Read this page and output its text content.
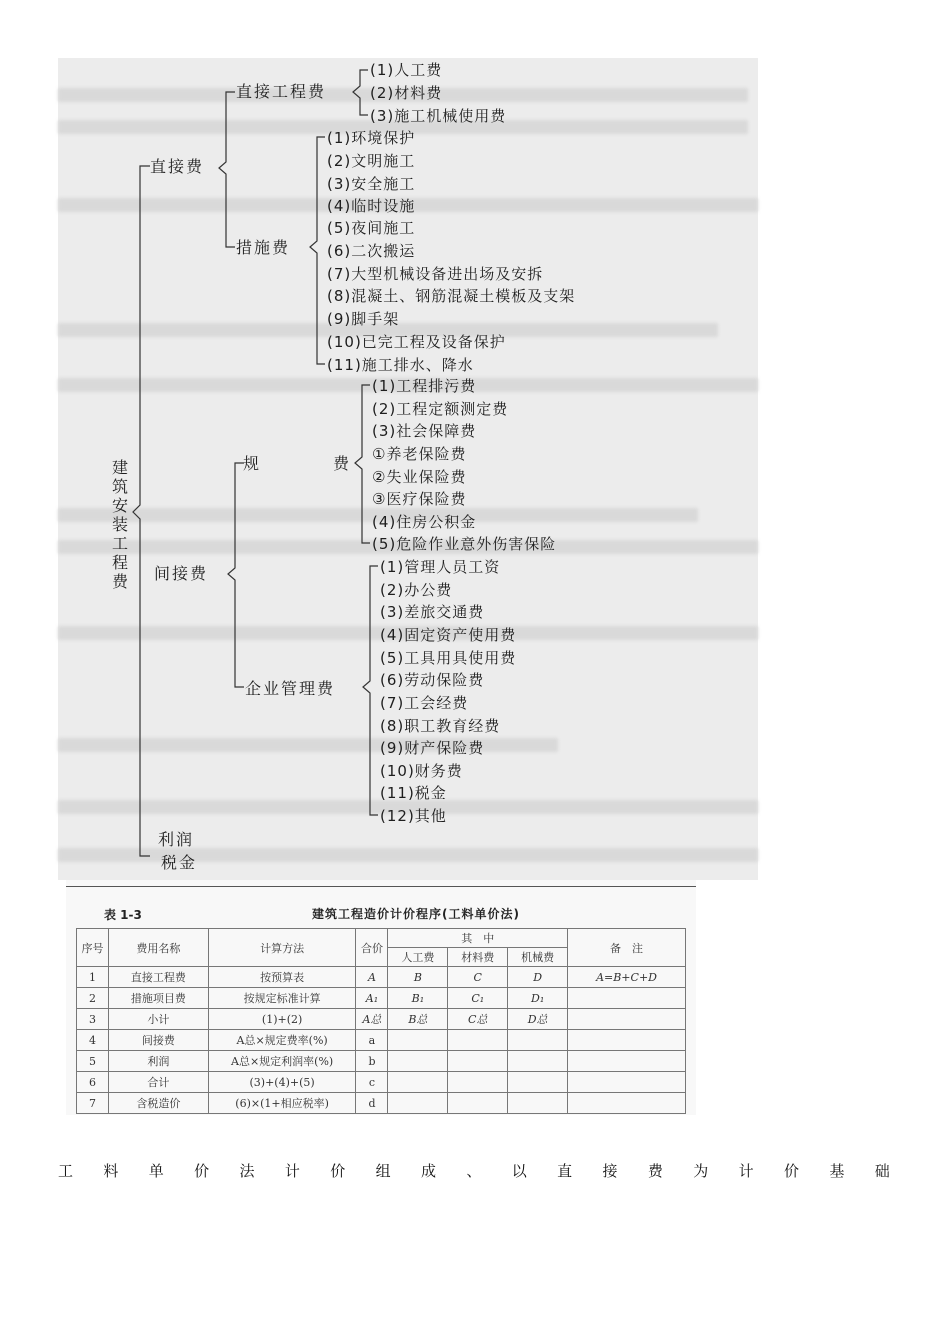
建筑安装工程费
直接费
间接费
利润
税金
直接工程费
措施费
规	费
企业管理费
(1)人工费
(2)材料费
(3)施工机械使用费
(1)环境保护
(2)文明施工
(3)安全施工
(4)临时设施
(5)夜间施工
(6)二次搬运
(7)大型机械设备进出场及安拆
(8)混凝土、钢筋混凝土模板及支架
(9)脚手架
(10)已完工程及设备保护
(11)施工排水、降水
(1)工程排污费
(2)工程定额测定费
(3)社会保障费
①养老保险费
②失业保险费
③医疗保险费
(4)住房公积金
(5)危险作业意外伤害保险
(1)管理人员工资
(2)办公费
(3)差旅交通费
(4)固定资产使用费
(5)工具用具使用费
(6)劳动保险费
(7)工会经费
(8)职工教育经费
(9)财产保险费
(10)财务费
(11)税金
(12)其他
表 1-3	建筑工程造价计价程序(工料单价法)
序号	费用名称	计算方法	合价	其　中			备　注
				人工费	材料费	机械费	
1	直接工程费	按预算表	A	B	C	D	A=B+C+D
2	措施项目费	按规定标准计算	A₁	B₁	C₁	D₁	
3	小计	(1)+(2)	A总	B总	C总	D总	
4	间接费	A总×规定费率(%)	a				
5	利润	A总×规定利润率(%)	b				
6	合计	(3)+(4)+(5)	c				
7	含税造价	(6)×(1+相应税率)	d				
工 料 单 价 法 计 价 组 成 、 以 直 接 费 为 计 价 基 础
